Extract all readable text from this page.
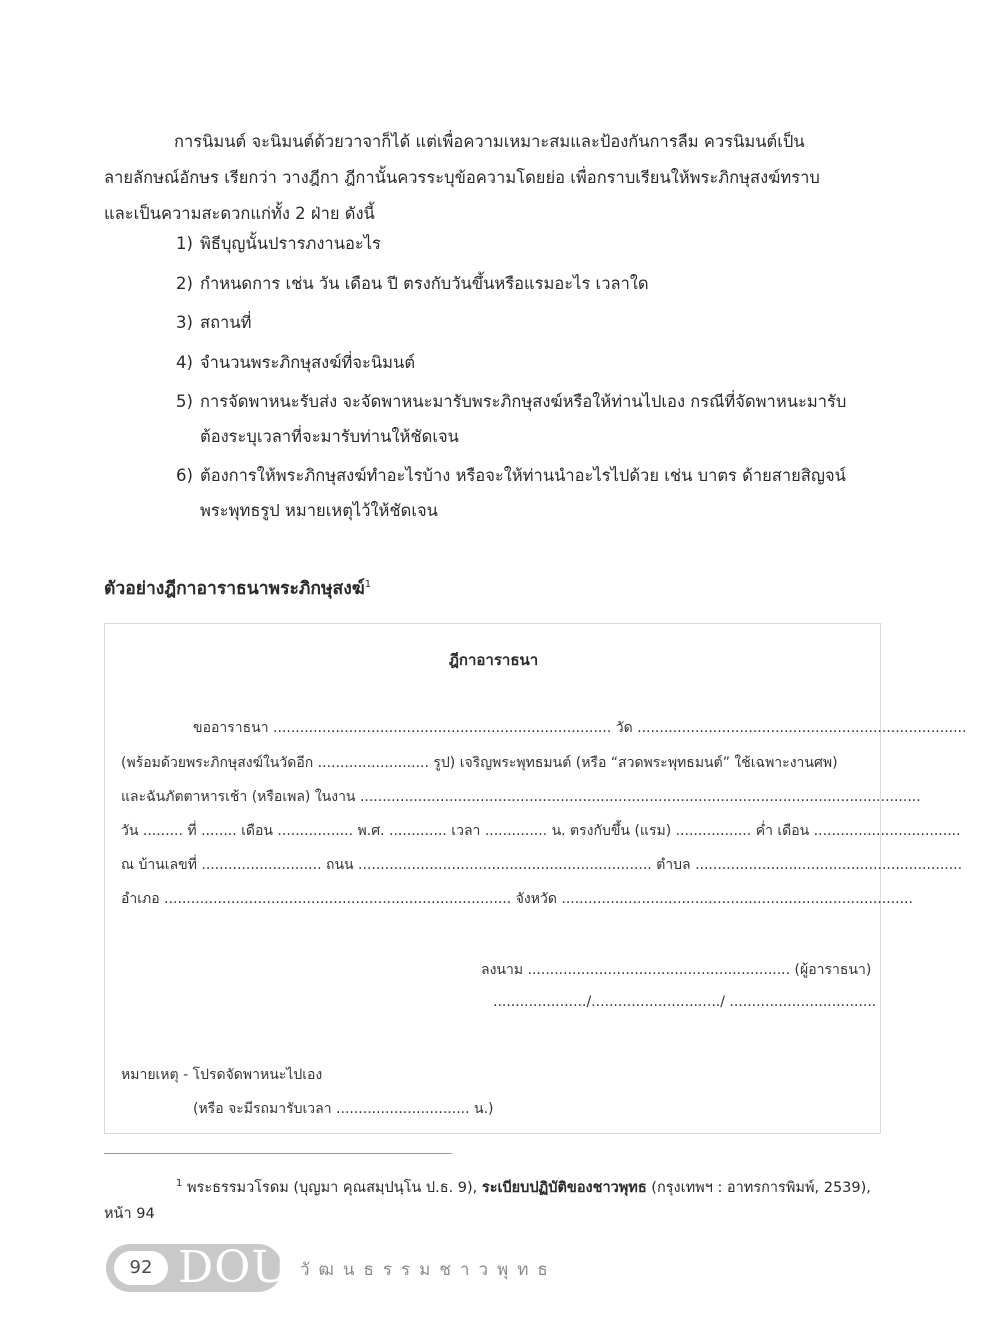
การนิมนต์ จะนิมนต์ด้วยวาจาก็ได้ แต่เพื่อความเหมาะสมและป้องกันการลืม ควรนิมนต์เป็น
ลายลักษณ์อักษร เรียกว่า วางฎีกา ฎีกานั้นควรระบุข้อความโดยย่อ เพื่อกราบเรียนให้พระภิกษุสงฆ์ทราบ
และเป็นความสะดวกแก่ทั้ง 2 ฝ่าย ดังนี้
1) พิธีบุญนั้นปรารภงานอะไร
2) กำหนดการ เช่น วัน เดือน ปี ตรงกับวันขึ้นหรือแรมอะไร เวลาใด
3) สถานที่
4) จำนวนพระภิกษุสงฆ์ที่จะนิมนต์
5) การจัดพาหนะรับส่ง จะจัดพาหนะมารับพระภิกษุสงฆ์หรือให้ท่านไปเอง กรณีที่จัดพาหนะมารับ
ต้องระบุเวลาที่จะมารับท่านให้ชัดเจน
6) ต้องการให้พระภิกษุสงฆ์ทำอะไรบ้าง หรือจะให้ท่านนำอะไรไปด้วย เช่น บาตร ด้ายสายสิญจน์
พระพุทธรูป หมายเหตุไว้ให้ชัดเจน
ตัวอย่างฎีกาอาราธนาพระภิกษุสงฆ์$^1$
ฎีกาอาราธนา
ขออาราธนา ............................................................................ วัด ..........................................................................
(พร้อมด้วยพระภิกษุสงฆ์ในวัดอีก ......................... รูป) เจริญพระพุทธมนต์ (หรือ “สวดพระพุทธมนต์” ใช้เฉพาะงานศพ)
และฉันภัตตาหารเช้า (หรือเพล) ในงาน ..............................................................................................................................
วัน ......... ที่ ........ เดือน ................. พ.ศ. ............. เวลา .............. น. ตรงกับขึ้น (แรม) ................. ค่ำ เดือน .................................
ณ บ้านเลขที่ ........................... ถนน .................................................................. ตำบล ............................................................
อำเภอ .............................................................................. จังหวัด ...............................................................................
ลงนาม ........................................................... (ผู้อาราธนา)
...................../............................./ .................................
หมายเหตุ - โปรดจัดพาหนะไปเอง
(หรือ จะมีรถมารับเวลา .............................. น.)
$^1$ พระธรรมวโรดม (บุญมา คุณสมฺปนฺโน ป.ธ. 9), ระเบียบปฏิบัติของชาวพุทธ (กรุงเทพฯ : อาทรการพิมพ์, 2539),
หน้า 94
92 DOU วัฒนธรรมชาวพุทธ
